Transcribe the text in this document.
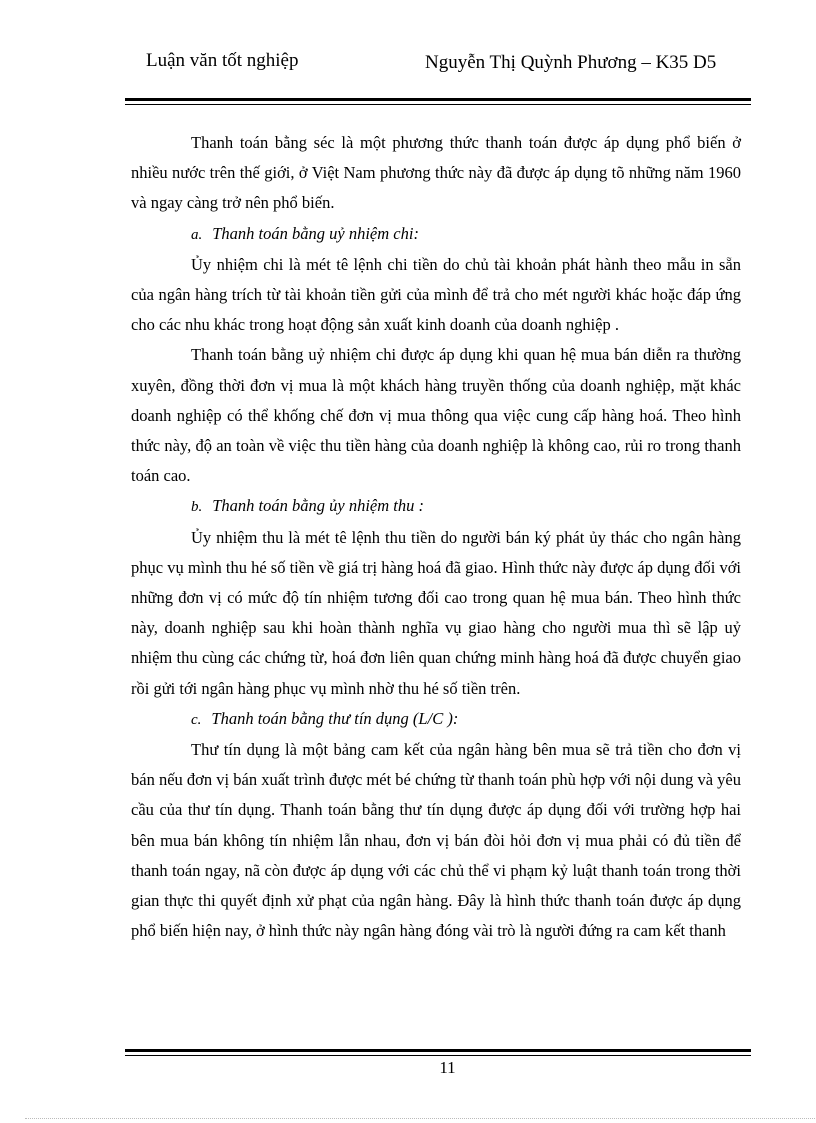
Luận văn tốt nghiệp	Nguyễn Thị Quỳnh Phương – K35 D5

Thanh toán bằng séc là một phương thức thanh toán được áp dụng phổ biến ở nhiều nước trên thế giới, ở Việt Nam phương thức này đã được áp dụng tõ những năm 1960 và ngay càng trở nên phổ biến.

a. Thanh toán bằng uỷ nhiệm chi:

Ủy nhiệm chi là mét tê lệnh chi tiền do chủ tài khoản phát hành theo mẫu in sẵn của ngân hàng trích từ tài khoản tiền gửi của mình để trả cho mét người khác hoặc đáp ứng cho các nhu khác trong hoạt động sản xuất kinh doanh của doanh nghiệp .

Thanh toán bằng uỷ nhiệm chi được áp dụng khi quan hệ mua bán diễn ra thường xuyên, đồng thời đơn vị mua là một khách hàng truyền thống của doanh nghiệp, mặt khác doanh nghiệp có thể khống chế đơn vị mua thông qua việc cung cấp hàng hoá. Theo hình thức này, độ an toàn về việc thu tiền hàng của doanh nghiệp là không cao, rủi ro trong thanh toán cao.

b. Thanh toán bằng ủy nhiệm thu :

Ủy nhiệm thu là mét tê lệnh thu tiền do người bán ký phát ủy thác cho ngân hàng phục vụ mình thu hé số tiền về giá trị hàng hoá đã giao. Hình thức này được áp dụng đối với những đơn vị có mức độ tín nhiệm tương đối cao trong quan hệ mua bán. Theo hình thức này, doanh nghiệp sau khi hoàn thành nghĩa vụ giao hàng cho người mua thì sẽ lập uỷ nhiệm thu cùng các chứng từ, hoá đơn liên quan chứng minh hàng hoá đã được chuyển giao rồi gửi tới ngân hàng phục vụ mình nhờ thu hé số tiền trên.

c. Thanh toán bằng thư tín dụng (L/C ):

Thư tín dụng là một bảng cam kết của ngân hàng bên mua sẽ trả tiền cho đơn vị bán nếu đơn vị bán xuất trình được mét bé chứng từ thanh toán phù hợp với nội dung và yêu cầu của thư tín dụng. Thanh toán bằng thư tín dụng được áp dụng đối với trường hợp hai bên mua bán không tín nhiệm lẫn nhau, đơn vị bán đòi hỏi đơn vị mua phải có đủ tiền để thanh toán ngay, nã còn được áp dụng với các chủ thể vi phạm kỷ luật thanh toán trong thời gian thực thi quyết định xử phạt của ngân hàng. Đây là hình thức thanh toán được áp dụng phổ biến hiện nay, ở hình thức này ngân hàng đóng vài trò là người đứng ra cam kết thanh

11
